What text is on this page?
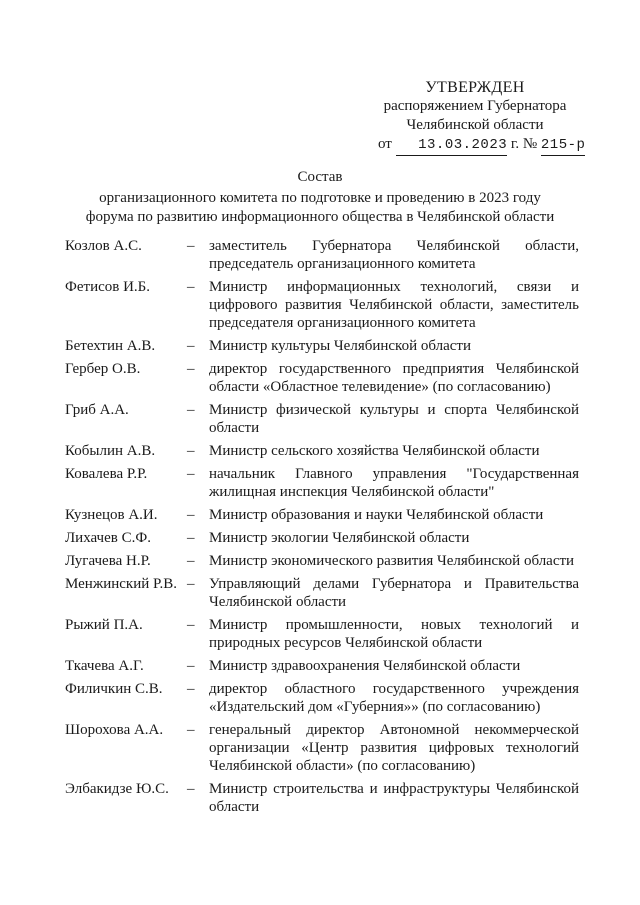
УТВЕРЖДЕН
распоряжением Губернатора
Челябинской области
от 13.03.2023 г. № 215-р
Состав
организационного комитета по подготовке и проведению в 2023 году
форума по развитию информационного общества в Челябинской области
Козлов А.С.	– заместитель Губернатора Челябинской области, председатель организационного комитета
Фетисов И.Б.	– Министр информационных технологий, связи и цифрового развития Челябинской области, заместитель председателя организационного комитета
Бетехтин А.В.	– Министр культуры Челябинской области
Гербер О.В.	– директор государственного предприятия Челябинской области «Областное телевидение» (по согласованию)
Гриб А.А.	– Министр физической культуры и спорта Челябинской области
Кобылин А.В.	– Министр сельского хозяйства Челябинской области
Ковалева Р.Р.	– начальник Главного управления "Государственная жилищная инспекция Челябинской области"
Кузнецов А.И.	– Министр образования и науки Челябинской области
Лихачев С.Ф.	– Министр экологии Челябинской области
Лугачева Н.Р.	– Министр экономического развития Челябинской области
Менжинский Р.В. – Управляющий делами Губернатора и Правительства Челябинской области
Рыжий П.А.	– Министр промышленности, новых технологий и природных ресурсов Челябинской области
Ткачева А.Г.	– Министр здравоохранения Челябинской области
Филичкин С.В.	– директор областного государственного учреждения «Издательский дом «Губерния»» (по согласованию)
Шорохова А.А.	– генеральный директор Автономной некоммерческой организации «Центр развития цифровых технологий Челябинской области» (по согласованию)
Элбакидзе Ю.С.	– Министр строительства и инфраструктуры Челябинской области
